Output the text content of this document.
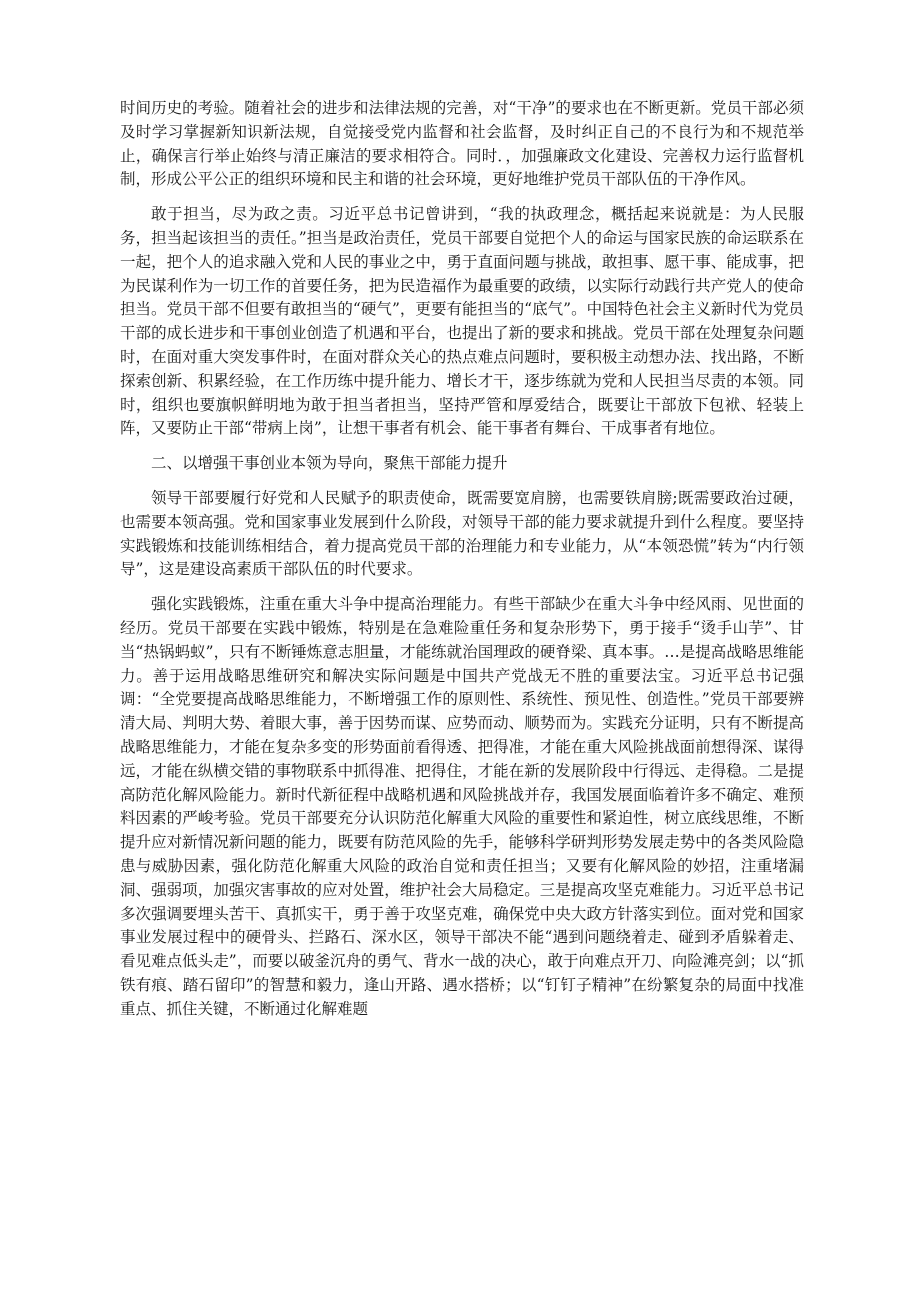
时间历史的考验。随着社会的进步和法律法规的完善，对“干净”的要求也在不断更新。党员干部必须及时学习掌握新知识新法规，自觉接受党内监督和社会监督，及时纠正自己的不良行为和不规范举止，确保言行举止始终与清正廉洁的要求相符合。同时．，加强廉政文化建设、完善权力运行监督机制，形成公平公正的组织环境和民主和谐的社会环境，更好地维护党员干部队伍的干净作风。

敢于担当，尽为政之责。习近平总书记曾讲到，“我的执政理念，概括起来说就是：为人民服务，担当起该担当的责任。”担当是政治责任，党员干部要自觉把个人的命运与国家民族的命运联系在一起，把个人的追求融入党和人民的事业之中，勇于直面问题与挑战，敢担事、愿干事、能成事，把为民谋利作为一切工作的首要任务，把为民造福作为最重要的政绩，以实际行动践行共产党人的使命担当。党员干部不但要有敢担当的“硬气”，更要有能担当的“底气”。中国特色社会主义新时代为党员干部的成长进步和干事创业创造了机遇和平台，也提出了新的要求和挑战。党员干部在处理复杂问题时，在面对重大突发事件时，在面对群众关心的热点难点问题时，要积极主动想办法、找出路，不断探索创新、积累经验，在工作历练中提升能力、增长才干，逐步练就为党和人民担当尽责的本领。同时，组织也要旗帜鲜明地为敢于担当者担当，坚持严管和厚爱结合，既要让干部放下包袱、轻装上阵，又要防止干部“带病上岗”，让想干事者有机会、能干事者有舞台、干成事者有地位。

二、以增强干事创业本领为导向，聚焦干部能力提升

领导干部要履行好党和人民赋予的职责使命，既需要宽肩膀，也需要铁肩膀;既需要政治过硬，也需要本领高强。党和国家事业发展到什么阶段，对领导干部的能力要求就提升到什么程度。要坚持实践锻炼和技能训练相结合，着力提高党员干部的治理能力和专业能力，从“本领恐慌”转为“内行领导”，这是建设高素质干部队伍的时代要求。

强化实践锻炼，注重在重大斗争中提高治理能力。有些干部缺少在重大斗争中经风雨、见世面的经历。党员干部要在实践中锻炼，特别是在急难险重任务和复杂形势下，勇于接手“烫手山芋”、甘当“热锅蚂蚁”，只有不断锤炼意志胆量，才能练就治国理政的硬脊梁、真本事。…是提高战略思维能力。善于运用战略思维研究和解决实际问题是中国共产党战无不胜的重要法宝。习近平总书记强调：“全党要提高战略思维能力，不断增强工作的原则性、系统性、预见性、创造性。”党员干部要辨清大局、判明大势、着眼大事，善于因势而谋、应势而动、顺势而为。实践充分证明，只有不断提高战略思维能力，才能在复杂多变的形势面前看得透、把得准，才能在重大风险挑战面前想得深、谋得远，才能在纵横交错的事物联系中抓得准、把得住，才能在新的发展阶段中行得远、走得稳。二是提高防范化解风险能力。新时代新征程中战略机遇和风险挑战并存，我国发展面临着许多不确定、难预料因素的严峻考验。党员干部要充分认识防范化解重大风险的重要性和紧迫性，树立底线思维，不断提升应对新情况新问题的能力，既要有防范风险的先手，能够科学研判形势发展走势中的各类风险隐患与威胁因素，强化防范化解重大风险的政治自觉和责任担当；又要有化解风险的妙招，注重堵漏洞、强弱项，加强灾害事故的应对处置，维护社会大局稳定。三是提高攻坚克难能力。习近平总书记多次强调要埋头苦干、真抓实干，勇于善于攻坚克难，确保党中央大政方针落实到位。面对党和国家事业发展过程中的硬骨头、拦路石、深水区，领导干部决不能“遇到问题绕着走、碰到矛盾躲着走、看见难点低头走”，而要以破釜沉舟的勇气、背水一战的决心，敢于向难点开刀、向险滩亮剑；以“抓铁有痕、踏石留印”的智慧和毅力，逢山开路、遇水搭桥；以“钉钉子精神”在纷繁复杂的局面中找准重点、抓住关键，不断通过化解难题
